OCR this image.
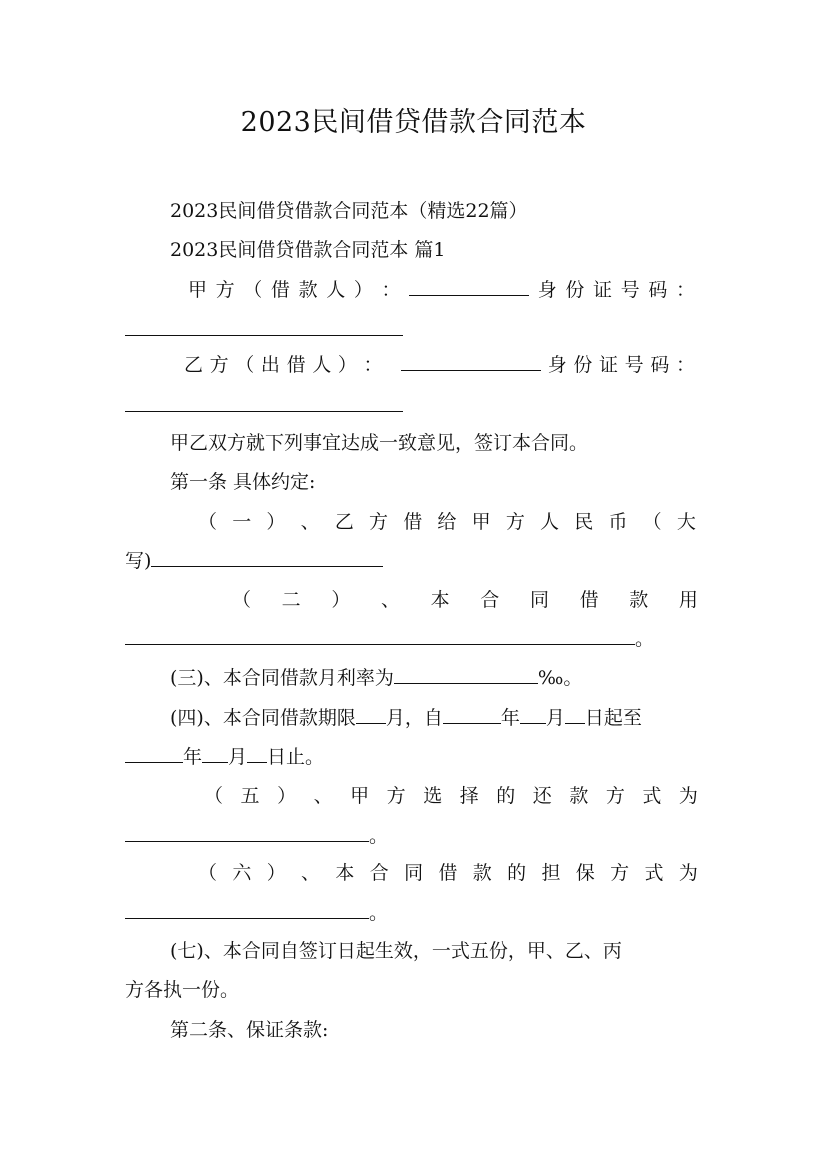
2023民间借贷借款合同范本
2023民间借贷借款合同范本（精选22篇）
2023民间借贷借款合同范本 篇1
甲 方 （ 借 款 人 ） ：	身 份 证 号 码 ：
乙 方 （ 出 借 人 ） ：	身 份 证 号 码 ：
甲乙双方就下列事宜达成一致意见，签订本合同。
第一条 具体约定:
（ 一 ） 、 乙 方 借 给 甲 方 人 民 币 （ 大
写)
（ 二 ） 、 本 合 同 借 款 用
。
(三)、本合同借款月利率为	‰。
(四)、本合同借款期限 月，自	年 月 日起至
年 月 日止。
（ 五 ） 、 甲 方 选 择 的 还 款 方 式 为
。
（ 六 ） 、 本 合 同 借 款 的 担 保 方 式 为
。
(七)、本合同自签订日起生效，一式五份，甲、乙、丙
方各执一份。
第二条、保证条款:
